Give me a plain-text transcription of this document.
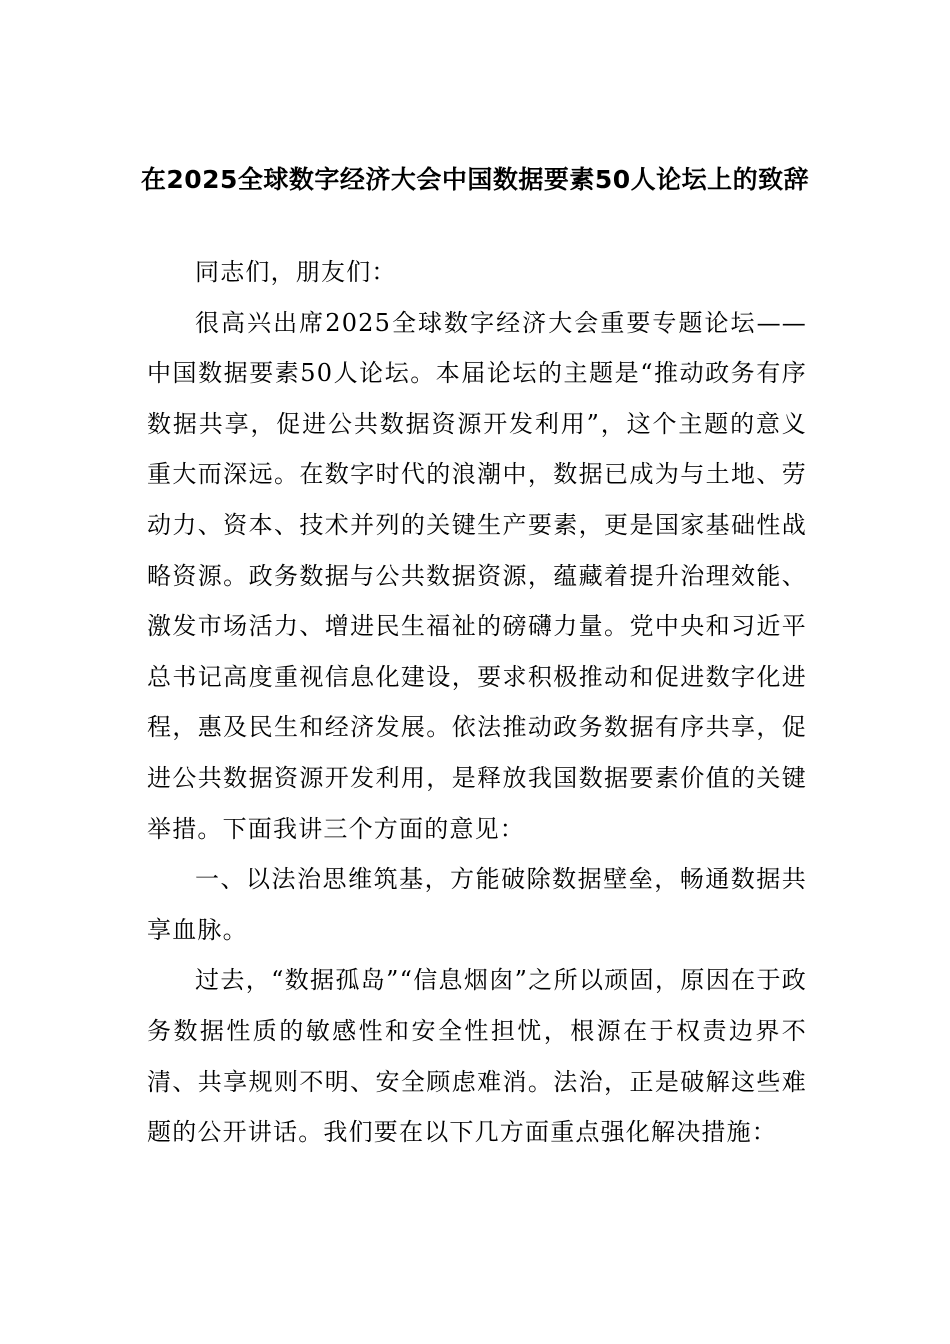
在2025全球数字经济大会中国数据要素50人论坛上的致辞

同志们，朋友们：

很高兴出席2025全球数字经济大会重要专题论坛——中国数据要素50人论坛。本届论坛的主题是“推动政务有序数据共享，促进公共数据资源开发利用”，这个主题的意义重大而深远。在数字时代的浪潮中，数据已成为与土地、劳动力、资本、技术并列的关键生产要素，更是国家基础性战略资源。政务数据与公共数据资源，蕴藏着提升治理效能、激发市场活力、增进民生福祉的磅礴力量。党中央和习近平总书记高度重视信息化建设，要求积极推动和促进数字化进程，惠及民生和经济发展。依法推动政务数据有序共享，促进公共数据资源开发利用，是释放我国数据要素价值的关键举措。下面我讲三个方面的意见：

一、以法治思维筑基，方能破除数据壁垒，畅通数据共享血脉。

过去，“数据孤岛”“信息烟囱”之所以顽固，原因在于政务数据性质的敏感性和安全性担忧，根源在于权责边界不清、共享规则不明、安全顾虑难消。法治，正是破解这些难题的公开讲话。我们要在以下几方面重点强化解决措施：
